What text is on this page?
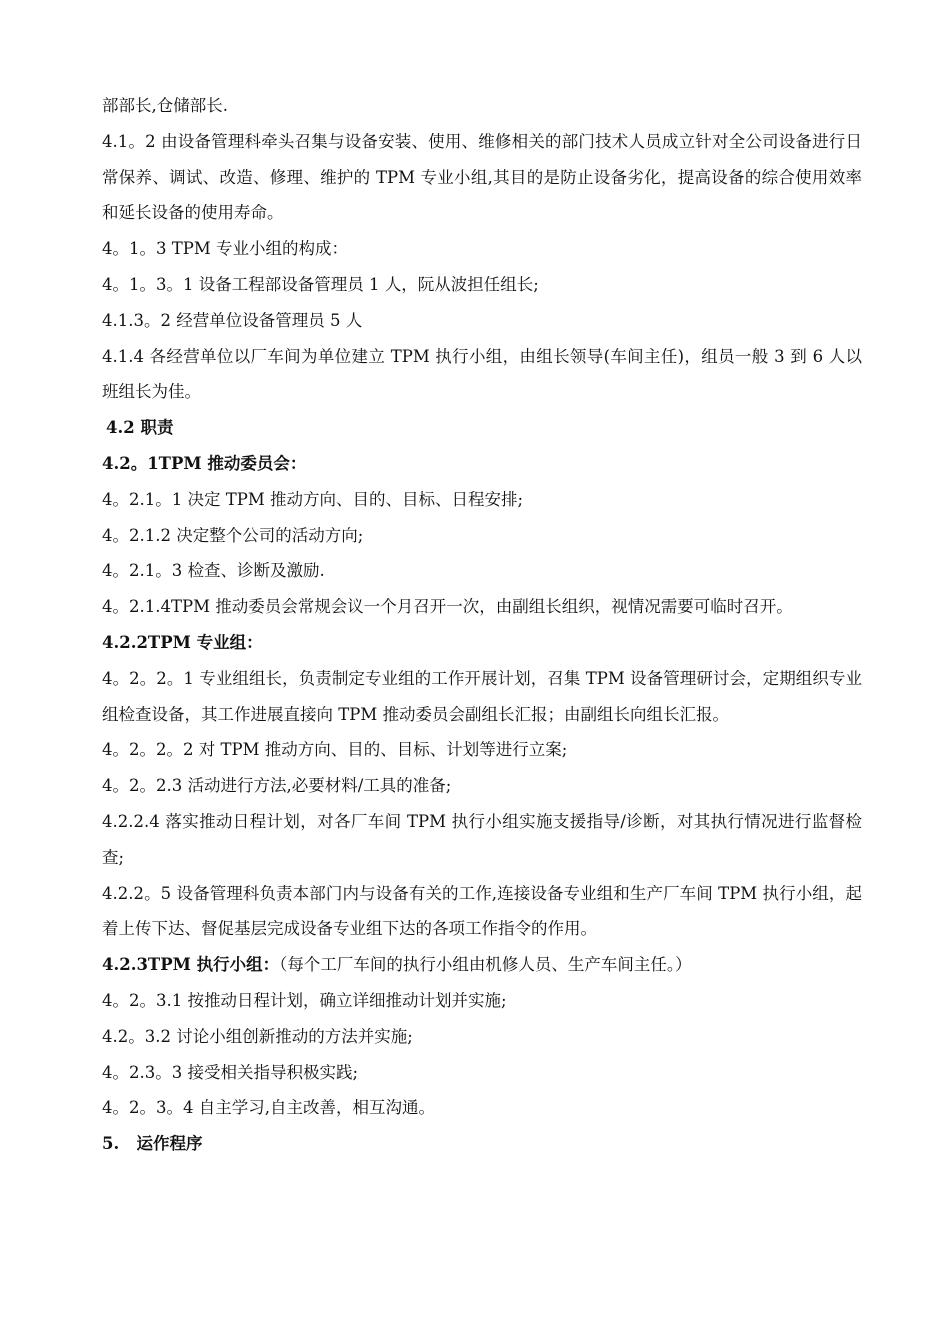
部部长,仓储部长.

4.1。2 由设备管理科牵头召集与设备安装、使用、维修相关的部门技术人员成立针对全公司设备进行日常保养、调试、改造、修理、维护的 TPM 专业小组,其目的是防止设备劣化，提高设备的综合使用效率和延长设备的使用寿命。

4。1。3 TPM 专业小组的构成：

4。1。3。1 设备工程部设备管理员 1 人，阮从波担任组长;

4.1.3。2 经营单位设备管理员 5 人

4.1.4 各经营单位以厂车间为单位建立 TPM 执行小组，由组长领导(车间主任)，组员一般 3 到 6 人以班组长为佳。

4.2 职责

4.2。1TPM 推动委员会：

4。2.1。1 决定 TPM 推动方向、目的、目标、日程安排;

4。2.1.2 决定整个公司的活动方向;

4。2.1。3 检查、诊断及激励.

4。2.1.4TPM 推动委员会常规会议一个月召开一次，由副组长组织，视情况需要可临时召开。

4.2.2TPM 专业组：

4。2。2。1 专业组组长，负责制定专业组的工作开展计划，召集 TPM 设备管理研讨会，定期组织专业组检查设备，其工作进展直接向 TPM 推动委员会副组长汇报；由副组长向组长汇报。

4。2。2。2 对 TPM 推动方向、目的、目标、计划等进行立案;

4。2。2.3 活动进行方法,必要材料/工具的准备;

4.2.2.4 落实推动日程计划，对各厂车间 TPM 执行小组实施支援指导/诊断，对其执行情况进行监督检查;

4.2.2。5 设备管理科负责本部门内与设备有关的工作,连接设备专业组和生产厂车间 TPM 执行小组，起着上传下达、督促基层完成设备专业组下达的各项工作指令的作用。

4.2.3TPM 执行小组：（每个工厂车间的执行小组由机修人员、生产车间主任。）

4。2。3.1 按推动日程计划，确立详细推动计划并实施;

4.2。3.2 讨论小组创新推动的方法并实施;

4。2.3。3 接受相关指导积极实践;

4。2。3。4 自主学习,自主改善，相互沟通。

5.   运作程序
